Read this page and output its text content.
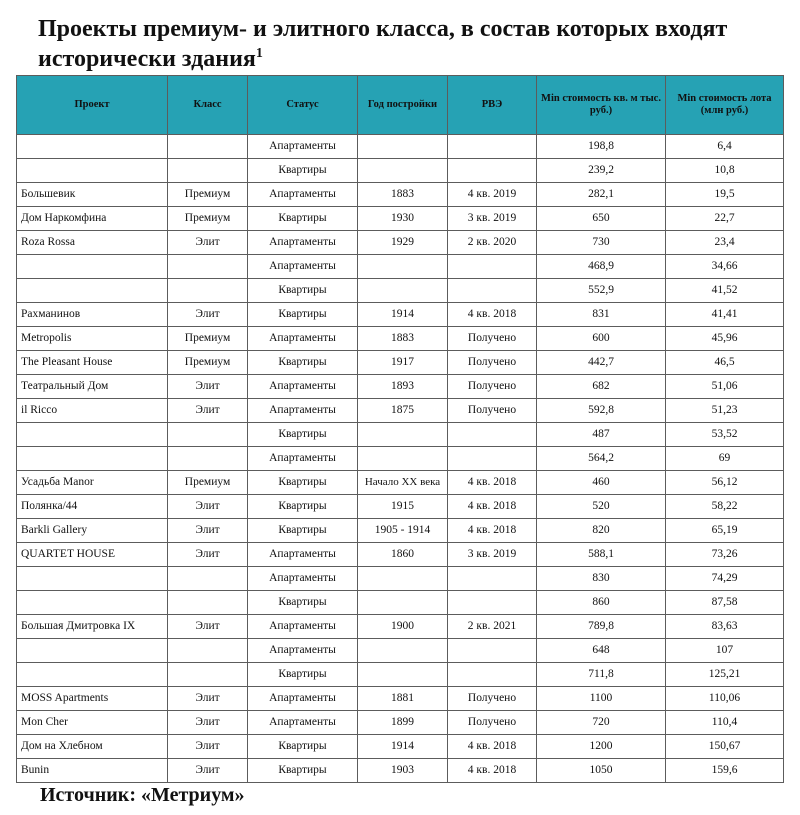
Проекты премиум- и элитного класса, в состав которых входят исторически здания$^1$
Проект	Класс	Статус	Год постройки	РВЭ	Min стоимость кв. м тыс. руб.)	Min стоимость лота (млн руб.)
		Апартаменты			198,8	6,4
		Квартиры			239,2	10,8
Большевик	Премиум	Апартаменты	1883	4 кв. 2019	282,1	19,5
Дом Наркомфина	Премиум	Квартиры	1930	3 кв. 2019	650	22,7
Roza Rossa	Элит	Апартаменты	1929	2 кв. 2020	730	23,4
		Апартаменты			468,9	34,66
		Квартиры			552,9	41,52
Рахманинов	Элит	Квартиры	1914	4 кв. 2018	831	41,41
Metropolis	Премиум	Апартаменты	1883	Получено	600	45,96
The Pleasant House	Премиум	Квартиры	1917	Получено	442,7	46,5
Театральный Дом	Элит	Апартаменты	1893	Получено	682	51,06
il Ricco	Элит	Апартаменты	1875	Получено	592,8	51,23
		Квартиры			487	53,52
		Апартаменты			564,2	69
Усадьба Manor	Премиум	Квартиры	Начало XX века	4 кв. 2018	460	56,12
Полянка/44	Элит	Квартиры	1915	4 кв. 2018	520	58,22
Barkli Gallery	Элит	Квартиры	1905 - 1914	4 кв. 2018	820	65,19
QUARTET HOUSE	Элит	Апартаменты	1860	3 кв. 2019	588,1	73,26
		Апартаменты			830	74,29
		Квартиры			860	87,58
Большая Дмитровка IX	Элит	Апартаменты	1900	2 кв. 2021	789,8	83,63
		Апартаменты			648	107
		Квартиры			711,8	125,21
MOSS Apartments	Элит	Апартаменты	1881	Получено	1100	110,06
Mon Cher	Элит	Апартаменты	1899	Получено	720	110,4
Дом на Хлебном	Элит	Квартиры	1914	4 кв. 2018	1200	150,67
Bunin	Элит	Квартиры	1903	4 кв. 2018	1050	159,6
Источник: «Метриум»
